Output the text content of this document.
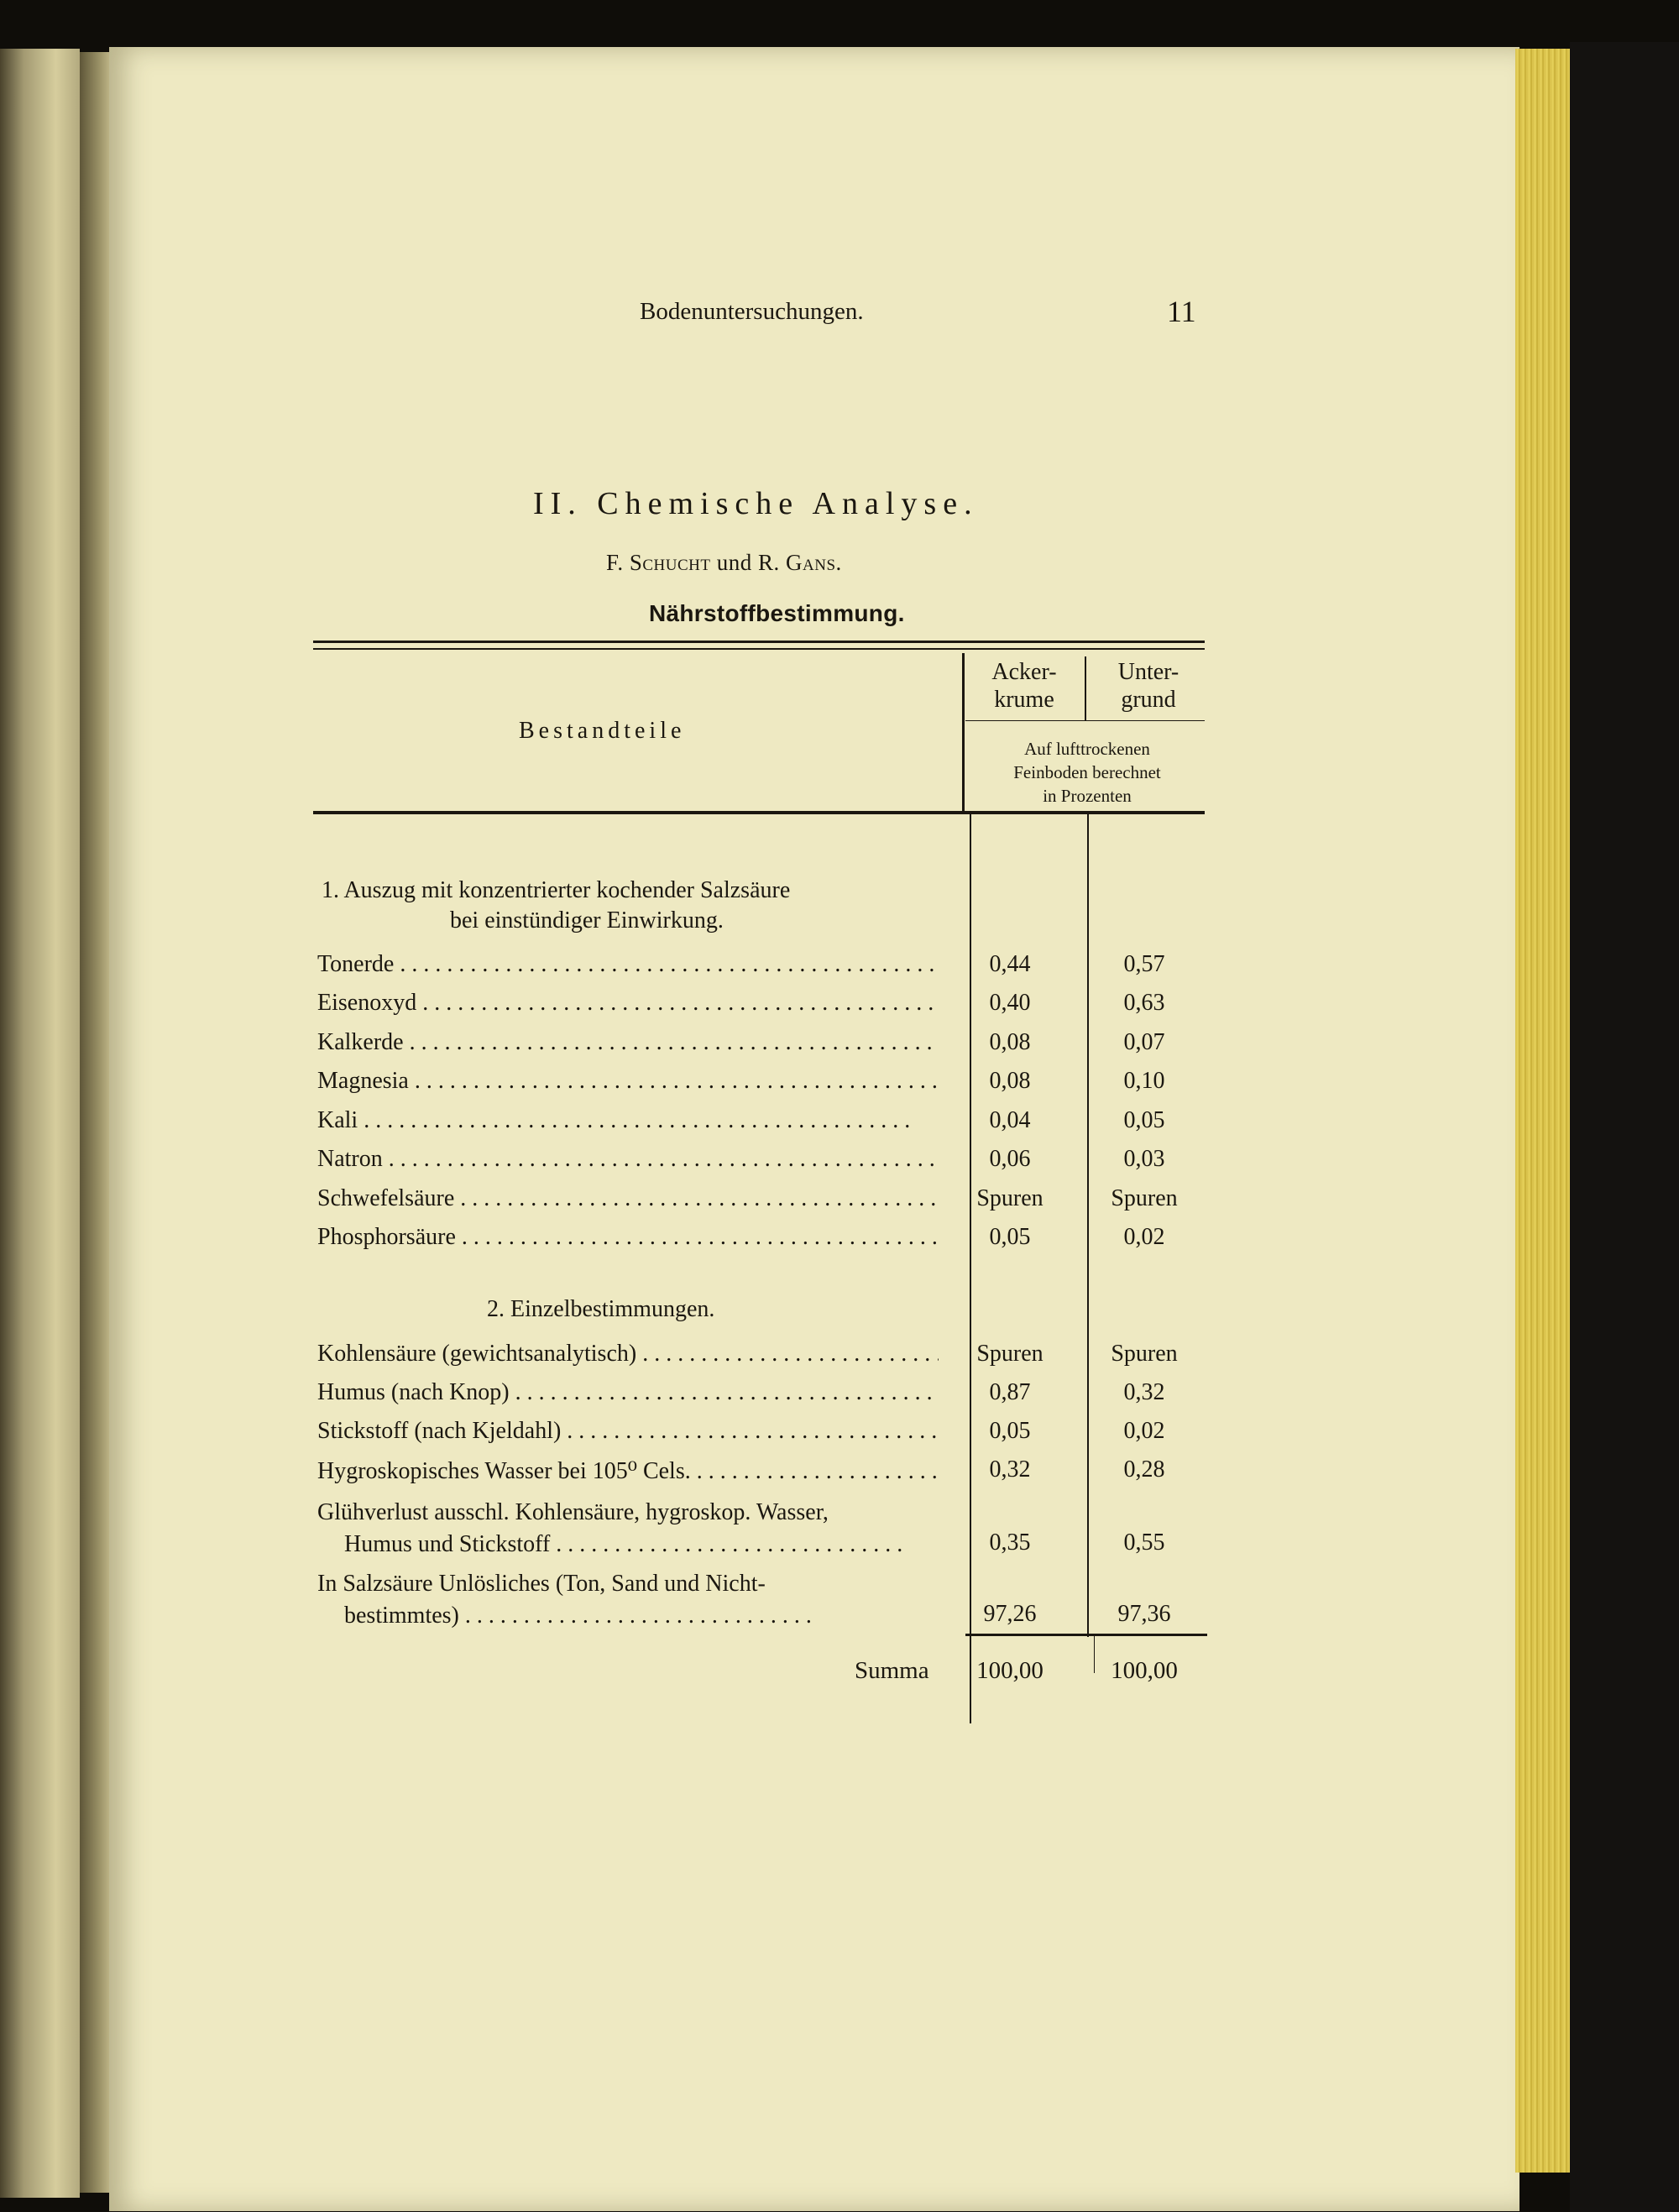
Bodenuntersuchungen.	11
II. Chemische Analyse.
F. Schucht und R. Gans.
Nährstoffbestimmung.
Bestandteile
Acker-
krume
Unter-
grund
Auf lufttrockenen
Feinboden berechnet
in Prozenten
1. Auszug mit konzentrierter kochender Salzsäure
bei einstündiger Einwirkung.
Tonerde . . .	0,44	0,57
Eisenoxyd . . .	0,40	0,63
Kalkerde . . .	0,08	0,07
Magnesia . . .	0,08	0,10
Kali . . .	0,04	0,05
Natron . . .	0,06	0,03
Schwefelsäure . . .	Spuren	Spuren
Phosphorsäure . . .	0,05	0,02
2. Einzelbestimmungen.
Kohlensäure (gewichtsanalytisch) . . .	Spuren	Spuren
Humus (nach Knop) . . .	0,87	0,32
Stickstoff (nach Kjeldahl) . . .	0,05	0,02
Hygroskopisches Wasser bei 105⁰ Cels. . . .	0,32	0,28
Glühverlust ausschl. Kohlensäure, hygroskop. Wasser,
Humus und Stickstoff . . .	0,35	0,55
In Salzsäure Unlösliches (Ton, Sand und Nicht-
bestimmtes) . . .	97,26	97,36
Summa	100,00	100,00
